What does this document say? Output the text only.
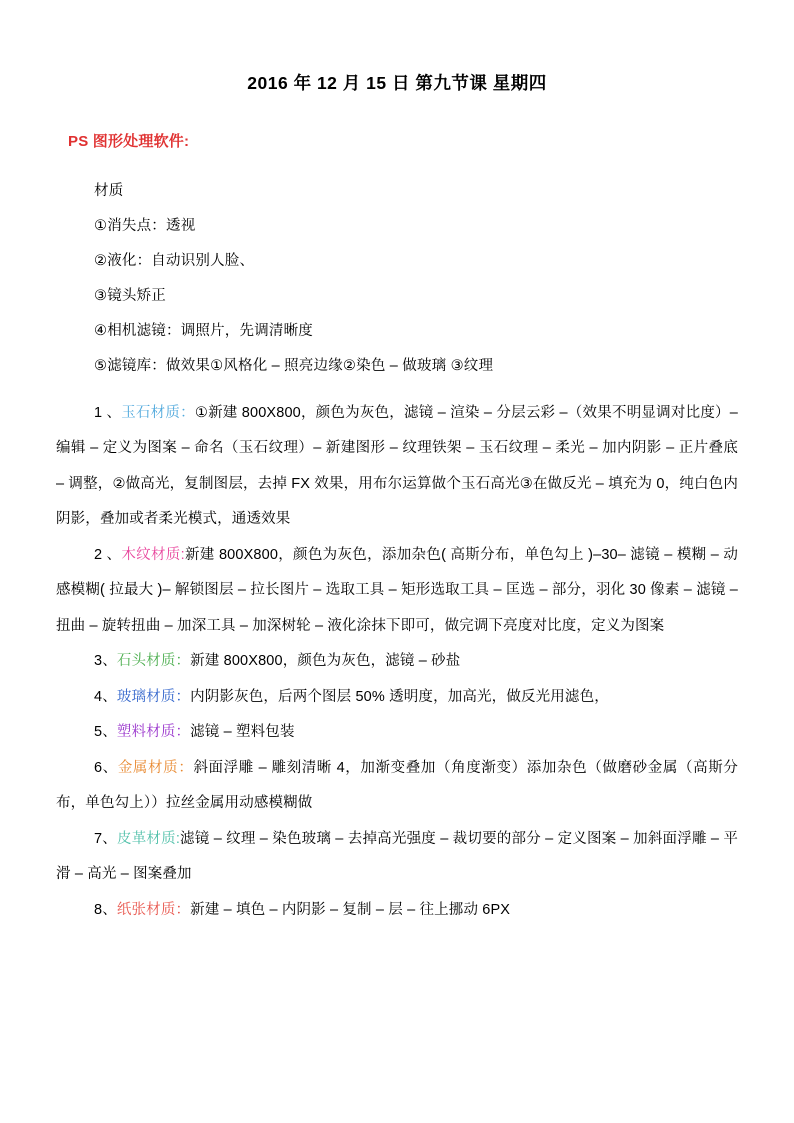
2016 年 12 月 15 日 第九节课 星期四
PS 图形处理软件:
材质
①消失点：透视
②液化：自动识别人脸、
③镜头矫正
④相机滤镜：调照片，先调清晰度
⑤滤镜库：做效果①风格化 – 照亮边缘②染色 – 做玻璃 ③纹理

1 、玉石材质：①新建 800X800，颜色为灰色，滤镜 – 渲染 – 分层云彩 –（效果不明显调对比度）– 编辑 – 定义为图案 – 命名（玉石纹理）– 新建图形 – 纹理铁架 – 玉石纹理 – 柔光 – 加内阴影 – 正片叠底 – 调整，②做高光，复制图层，去掉 FX 效果，用布尔运算做个玉石高光③在做反光 – 填充为 0，纯白色内阴影，叠加或者柔光模式，通透效果

2 、木纹材质:新建 800X800，颜色为灰色，添加杂色( 高斯分布，单色勾上 )–30– 滤镜 – 模糊 – 动感模糊( 拉最大 )– 解锁图层 – 拉长图片 – 选取工具 – 矩形选取工具 – 匡选 – 部分，羽化 30 像素 – 滤镜 – 扭曲 – 旋转扭曲 – 加深工具 – 加深树轮 – 液化涂抹下即可，做完调下亮度对比度，定义为图案

3、石头材质：新建 800X800，颜色为灰色，滤镜 – 砂盐

4、玻璃材质：内阴影灰色，后两个图层 50% 透明度，加高光，做反光用滤色，

5、塑料材质：滤镜 – 塑料包装

6、金属材质：斜面浮雕 – 雕刻清晰 4，加渐变叠加（角度渐变）添加杂色（做磨砂金属（高斯分布，单色勾上））拉丝金属用动感模糊做

7、皮革材质:滤镜 – 纹理 – 染色玻璃 – 去掉高光强度 – 裁切要的部分 – 定义图案 – 加斜面浮雕 – 平滑 – 高光 – 图案叠加

8、纸张材质：新建 – 填色 – 内阴影 – 复制 – 层 – 往上挪动 6PX
